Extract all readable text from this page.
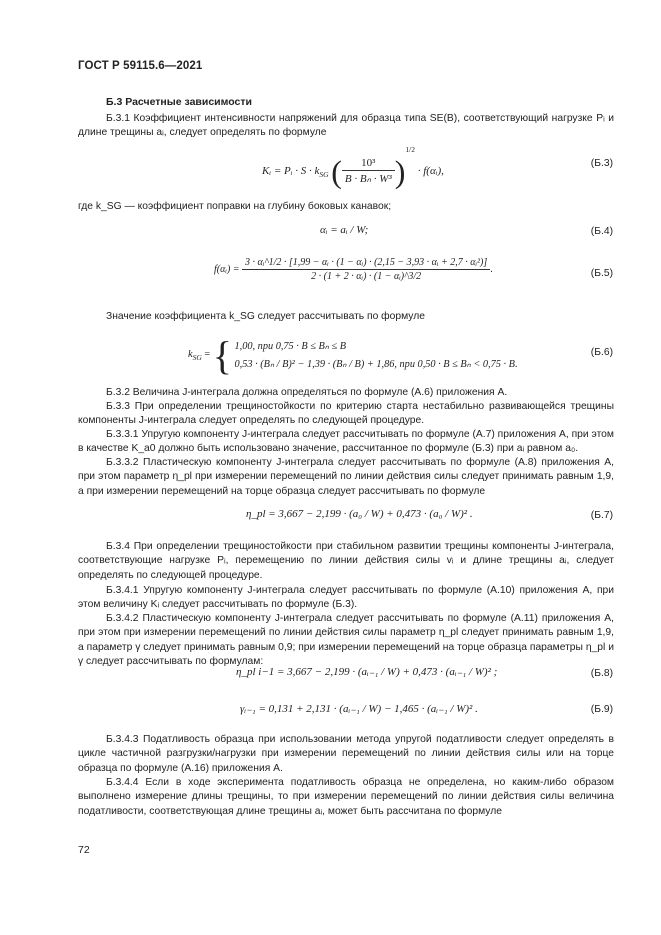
ГОСТ Р 59115.6—2021
Б.3 Расчетные зависимости
Б.3.1 Коэффициент интенсивности напряжений для образца типа SE(B), соответствующий нагрузке Pᵢ и длине трещины aᵢ, следует определять по формуле
Kᵢ = Pᵢ · $S \cdot k_{SG}$ ( $\frac{\text{10³}}{\text{B · Bₙ · W³}} )^{1/2}$ · f(αᵢ),
(Б.3)
где k_SG — коэффициент поправки на глубину боковых канавок;
αᵢ = aᵢ / W;	(Б.4)
f(αᵢ) =
3 · αᵢ^1/2 · [1,99 − αᵢ · (1 − αᵢ) · (2,15 − 3,93 · αᵢ + 2,7 · αᵢ²)]
2 · (1 + 2 · αᵢ) · (1 − αᵢ)^3/2
.	(Б.5)
Значение коэффициента k_SG следует рассчитывать по формуле
$k_{SG}$ = { 1,00, при 0,75 · B ≤ Bₙ ≤ B
0,53 · (Bₙ / B)² − 1,39 · (Bₙ / B) + 1,86, при 0,50 · B ≤ Bₙ < 0,75 · B.
(Б.6)
Б.3.2 Величина J-интеграла должна определяться по формуле (А.6) приложения А.
Б.3.3 При определении трещиностойкости по критерию старта нестабильно развивающейся трещины компоненты J-интеграла следует определять по следующей процедуре.
Б.3.3.1 Упругую компоненту J-интеграла следует рассчитывать по формуле (А.7) приложения А, при этом в качестве K_a0 должно быть использовано значение, рассчитанное по формуле (Б.3) при aᵢ равном a₀.
Б.3.3.2 Пластическую компоненту J-интеграла следует рассчитывать по формуле (А.8) приложения А, при этом параметр η_pl при измерении перемещений по линии действия силы следует принимать равным 1,9, а при измерении перемещений на торце образца следует рассчитывать по формуле
η_pl = 3,667 − 2,199 · (a₀ / W) + 0,473 · (a₀ / W)² .	(Б.7)
Б.3.4 При определении трещиностойкости при стабильном развитии трещины компоненты J-интеграла, соответствующие нагрузке Pᵢ, перемещению по линии действия силы vᵢ и длине трещины aᵢ, следует определять по следующей процедуре.
Б.3.4.1 Упругую компоненту J-интеграла следует рассчитывать по формуле (А.10) приложения А, при этом величину Kᵢ следует рассчитывать по формуле (Б.3).
Б.3.4.2 Пластическую компоненту J-интеграла следует рассчитывать по формуле (А.11) приложения А, при этом при измерении перемещений по линии действия силы параметр η_pl следует принимать равным 1,9, а параметр γ следует принимать равным 0,9; при измерении перемещений на торце образца параметры η_pl и γ следует рассчитывать по формулам:
η_pl i−1 = 3,667 − 2,199 · (aᵢ₋₁ / W) + 0,473 · (aᵢ₋₁ / W)² ;	(Б.8)
γᵢ₋₁ = 0,131 + 2,131 · (aᵢ₋₁ / W) − 1,465 · (aᵢ₋₁ / W)² .	(Б.9)
Б.3.4.3 Податливость образца при использовании метода упругой податливости следует определять в цикле частичной разгрузки/нагрузки при измерении перемещений по линии действия силы или на торце образца по формуле (А.16) приложения А.
Б.3.4.4 Если в ходе эксперимента податливость образца не определена, но каким-либо образом выполнено измерение длины трещины, то при измерении перемещений по линии действия силы величина податливости, соответствующая длине трещины aᵢ, может быть рассчитана по формуле
72
